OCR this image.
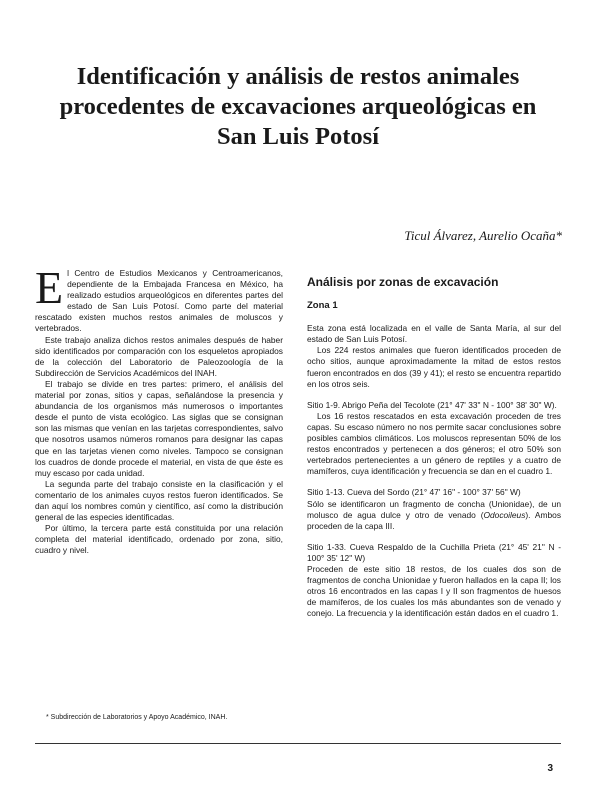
Identificación y análisis de restos animales procedentes de excavaciones arqueológicas en San Luis Potosí
Ticul Álvarez, Aurelio Ocaña*

El Centro de Estudios Mexicanos y Centroamericanos, dependiente de la Embajada Francesa en México, ha realizado estudios arqueológicos en diferentes partes del estado de San Luis Potosí. Como parte del material rescatado existen muchos restos animales de moluscos y vertebrados.

Este trabajo analiza dichos restos animales después de haber sido identificados por comparación con los esqueletos apropiados de la colección del Laboratorio de Paleozoología de la Subdirección de Servicios Académicos del INAH.

El trabajo se divide en tres partes: primero, el análisis del material por zonas, sitios y capas, señalándose la presencia y abundancia de los organismos más numerosos o importantes desde el punto de vista ecológico. Las siglas que se consignan son las mismas que venían en las tarjetas correspondientes, salvo que nosotros usamos números romanos para designar las capas que en las tarjetas vienen como niveles. Tampoco se consignan los cuadros de donde procede el material, en vista de que éste es muy escaso por cada unidad.

La segunda parte del trabajo consiste en la clasificación y el comentario de los animales cuyos restos fueron identificados. Se dan aquí los nombres común y científico, así como la distribución general de las especies identificadas.

Por último, la tercera parte está constituida por una relación completa del material identificado, ordenado por zona, sitio, cuadro y nivel.

Análisis por zonas de excavación
Zona 1

Esta zona está localizada en el valle de Santa María, al sur del estado de San Luis Potosí.

Los 224 restos animales que fueron identificados proceden de ocho sitios, aunque aproximadamente la mitad de estos restos fueron encontrados en dos (39 y 41); el resto se encuentra repartido en los otros seis.

Sitio 1-9. Abrigo Peña del Tecolote (21° 47' 33" N - 100° 38' 30" W).

Los 16 restos rescatados en esta excavación proceden de tres capas. Su escaso número no nos permite sacar conclusiones sobre posibles cambios climáticos. Los moluscos representan 50% de los restos encontrados y pertenecen a dos géneros; el otro 50% son vertebrados pertenecientes a un género de reptiles y a cuatro de mamíferos, cuya identificación y frecuencia se dan en el cuadro 1.

Sitio 1-13. Cueva del Sordo (21° 47' 16" - 100° 37' 56" W)

Sólo se identificaron un fragmento de concha (Unionidae), de un molusco de agua dulce y otro de venado (Odocoileus). Ambos proceden de la capa III.

Sitio 1-33. Cueva Respaldo de la Cuchilla Prieta (21° 45' 21" N - 100° 35' 12" W)

Proceden de este sitio 18 restos, de los cuales dos son de fragmentos de concha Unionidae y fueron hallados en la capa II; los otros 16 encontrados en las capas I y II son fragmentos de huesos de mamíferos, de los cuales los más abundantes son de venado y conejo. La frecuencia y la identificación están dados en el cuadro 1.

* Subdirección de Laboratorios y Apoyo Académico, INAH.
3
